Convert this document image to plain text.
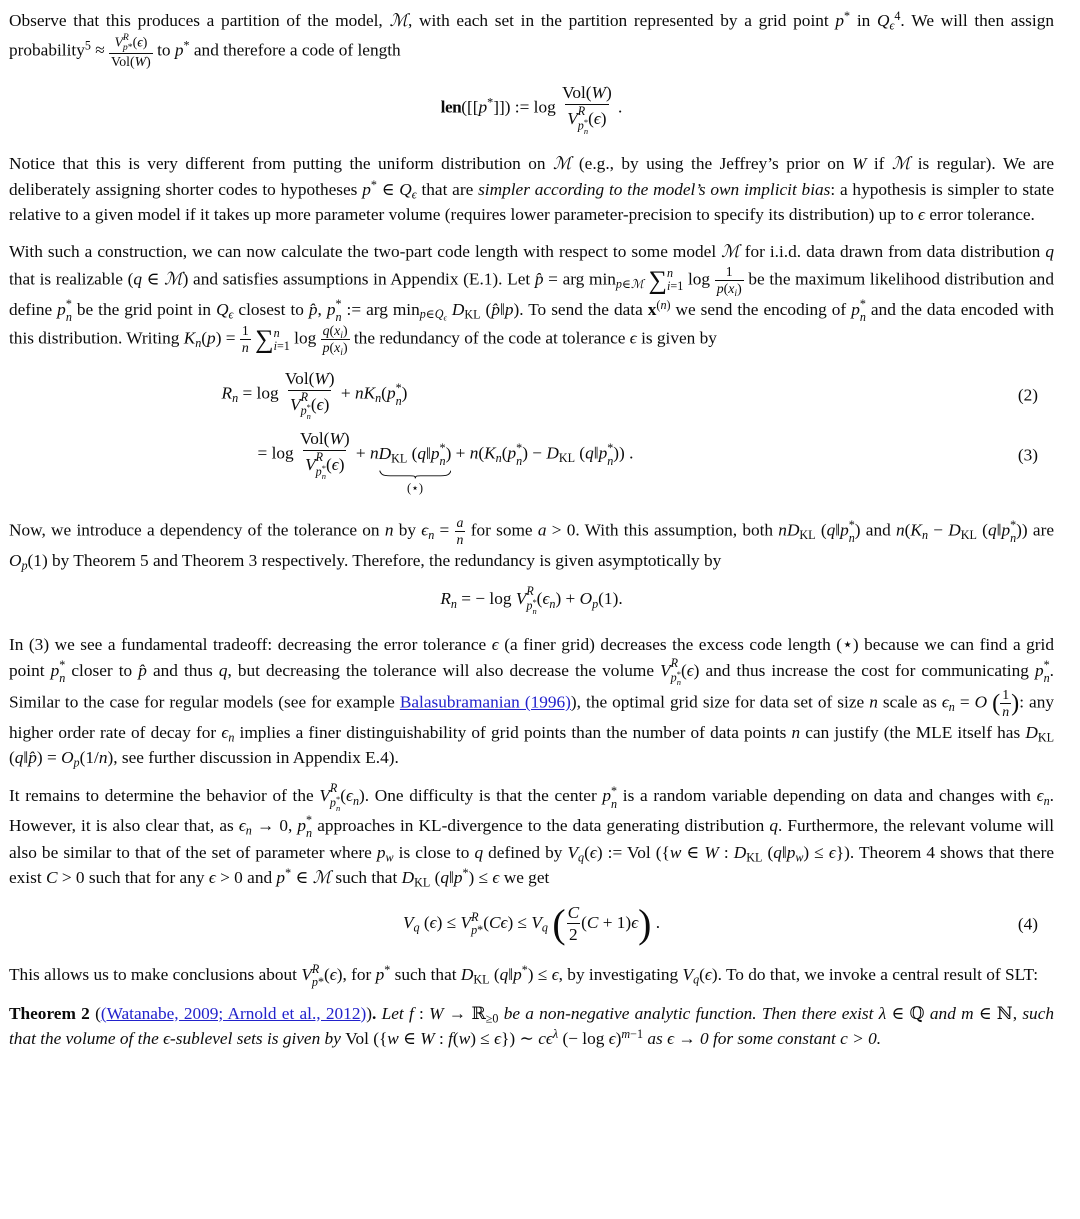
Observe that this produces a partition of the model, ℳ, with each set in the partition represented by a grid point p* in $Q_\epsilon^4$. We will then assign probability$^5$ ≈ V R
p* (ϵ)
Vol(W) to p* and therefore a code of length
len([[p*]]) := log Vol(W)
V R
p *
n
(ϵ) .
Notice that this is very different from putting the uniform distribution on ℳ (e.g., by using the Jeffrey’s prior on W if ℳ is regular). We are deliberately assigning shorter codes to hypotheses p* ∈ $Q_\epsilon$ that are simpler according to the model’s own implicit bias: a hypothesis is simpler to state relative to a given model if it takes up more parameter volume (requires lower parameter-precision to specify its distribution) up to ϵ error tolerance.
With such a construction, we can now calculate the two-part code length with respect to some model ℳ for i.i.d. data drawn from data distribution q that is realizable (q ∈ ℳ) and satisfies assumptions in Appendix (E.1). Let p̂ = arg $\min_{p\in ℳ}$ ∑ n
i=1 $\log \frac{1}{p(x_i)}$ be the maximum likelihood distribution and define p *
n be the grid point in $Q_\epsilon$ closest to p̂, p *
n := arg $\min_{p\in Q_\epsilon} D_{KL}$ (p̂‖p). To send the data $x^{(n)}$ we send the encoding of p *
n and the data encoded with this distribution. Writing $K_n(p) = \frac{1}{n}$ ∑ n
i=1 $\log \frac{q(x_i)}{p(x_i)}$ the redundancy of the code at tolerance ϵ is given by
$R_n = \log Vol(W)$
V R
p *
n
$(\epsilon) + nK_n(p$ *
n )	(2)
= log Vol(W)
V R
p *
n
$(\epsilon) + nD_{KL}$ (q‖p *
n )
(⋆)
+ $n(K_n(p$ *
n ) − $D_{KL}$ (q‖p *
n )) .	(3)
Now, we introduce a dependency of the tolerance on n by $\epsilon_n = \frac{a}{n}$ for some a > 0. With this assumption, both $nD_{KL}$ (q‖p *
n ) and $n(K_n - D_{KL}$ (q‖p *
n )) are $O_p(1)$ by Theorem 5 and Theorem 3 respectively. Therefore, the redundancy is given asymptotically by
$R_n$ = − log V R
p *
n
$(\epsilon_n) + O_p(1)$.
In (3) we see a fundamental tradeoff: decreasing the error tolerance ϵ (a finer grid) decreases the excess code length (⋆) because we can find a grid point p *
n closer to p̂ and thus q, but decreasing the tolerance will also decrease the volume V R
p *
n
(ϵ) and thus increase the cost for communicating p *
n . Similar to the case for regular models (see for example Balasubramanian (1996)), the optimal grid size for data set of size n scale as $\epsilon_n = O$ ( $\frac{1}{n}$ ): any higher order rate of decay for $\epsilon_n$ implies a finer distinguishability of grid points than the number of data points n can justify (the MLE itself has $D_{KL}$ (q‖p̂) = $O_p(1/n)$, see further discussion in Appendix E.4).
It remains to determine the behavior of the V R
p *
n
$(\epsilon_n)$. One difficulty is that the center p *
n is a random variable depending on data and changes with $\epsilon_n$. However, it is also clear that, as $\epsilon_n \to 0$, p *
n approaches in KL-divergence to the data generating distribution q. Furthermore, the relevant volume will also be similar to that of the set of parameter where $p_w$ is close to q defined by $V_q(\epsilon)$ := Vol ({w ∈ W : $D_{KL}$ $(q‖p_w) \le \epsilon$}). Theorem 4 shows that there exist C > 0 such that for any ϵ > 0 and p* ∈ ℳ such that $D_{KL}$ (q‖p*) ≤ ϵ we get
$V_q$ (ϵ) ≤ V R
p* $(C\epsilon) \le V_q$ ( $\frac{C}{2} (C + 1)\epsilon$) .	(4)
This allows us to make conclusions about V R
p* (ϵ), for p* such that $D_{KL}$ (q‖p*) ≤ ϵ, by investigating $V_q(\epsilon)$. To do that, we invoke a central result of SLT:
Theorem 2 ((Watanabe, 2009; Arnold et al., 2012)). Let f : W → ℝ$_{\ge 0}$ be a non-negative analytic function. Then there exist λ ∈ ℚ and m ∈ ℕ, such that the volume of the ϵ-sublevel sets is given by Vol ({w ∈ W : f(w) ≤ ϵ}) ∼ $c\epsilon^\lambda$ (− log ϵ)$^{m-1}$ as ϵ → 0 for some constant c > 0.
